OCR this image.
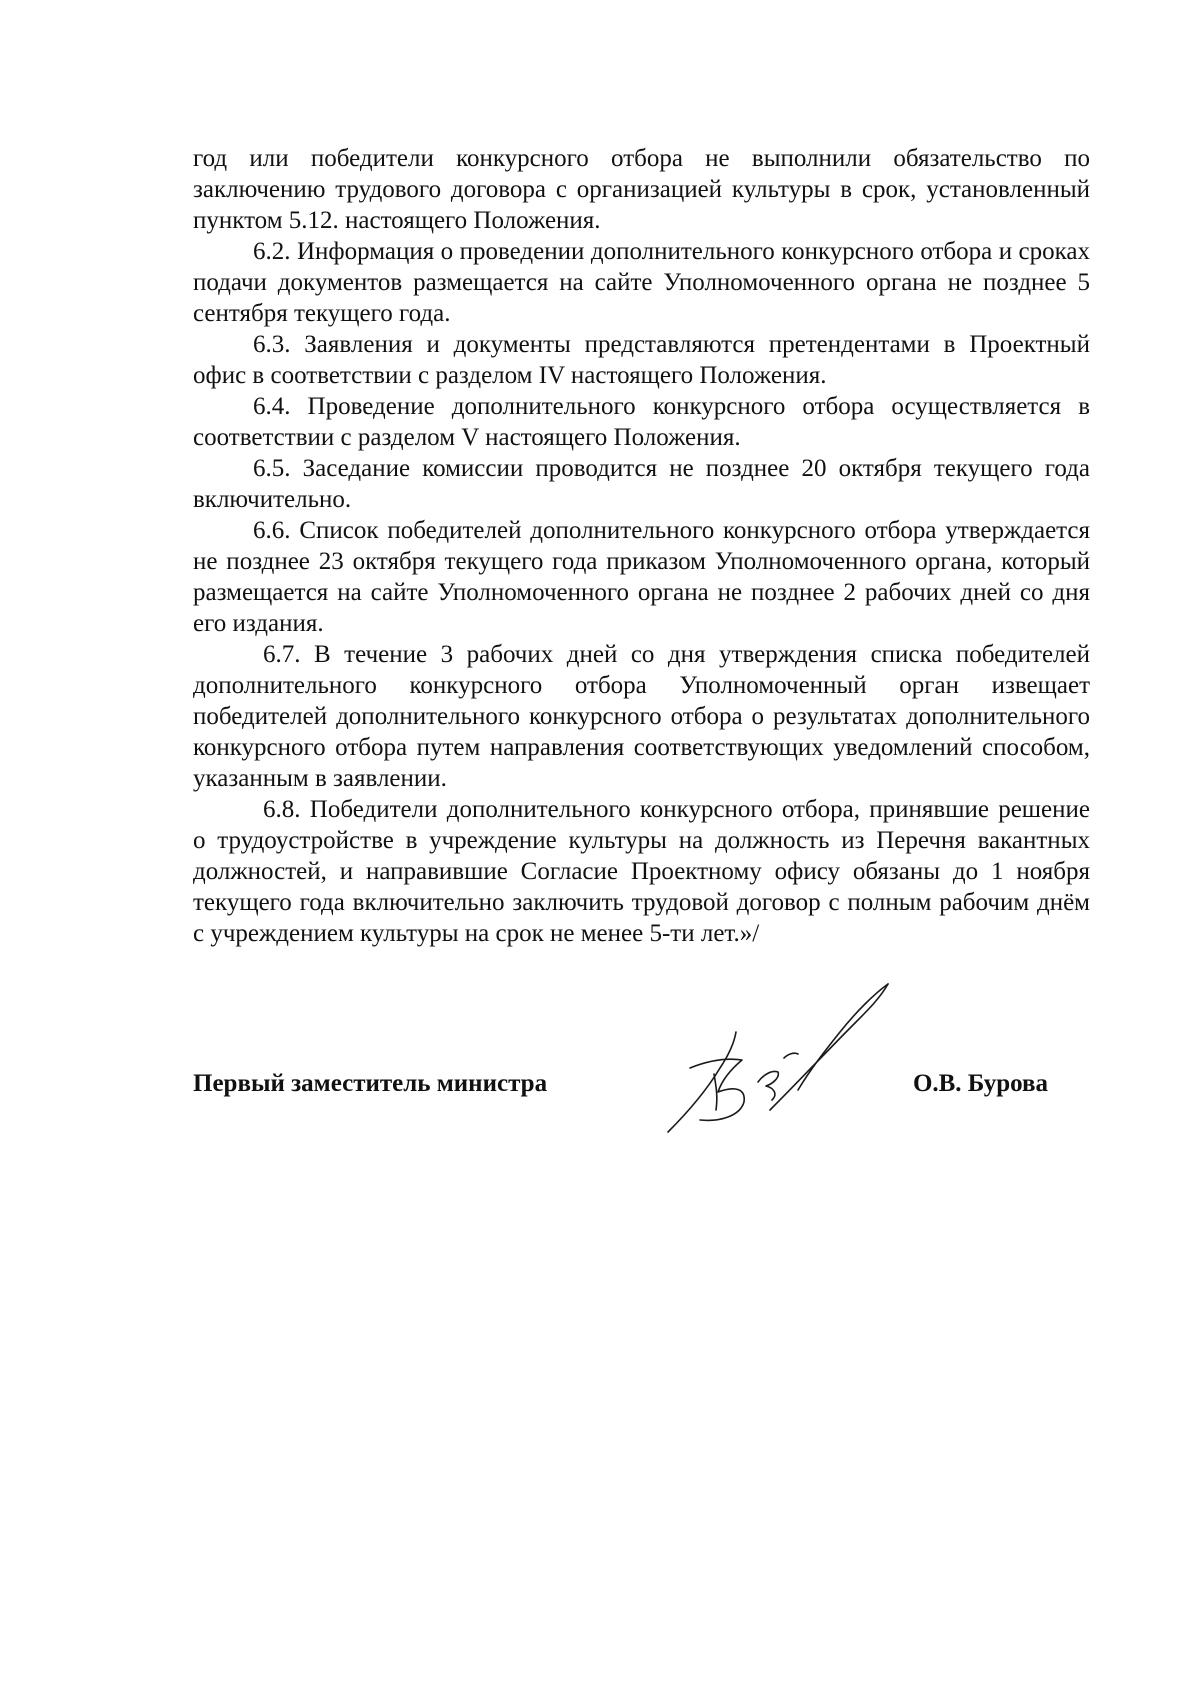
год или победители конкурсного отбора не выполнили обязательство по заключению трудового договора с организацией культуры в срок, установленный пунктом 5.12. настоящего Положения.

6.2. Информация о проведении дополнительного конкурсного отбора и сроках подачи документов размещается на сайте Уполномоченного органа не позднее 5 сентября текущего года.

6.3. Заявления и документы представляются претендентами в Проектный офис в соответствии с разделом IV настоящего Положения.

6.4. Проведение дополнительного конкурсного отбора осуществляется в соответствии с разделом V настоящего Положения.

6.5. Заседание комиссии проводится не позднее 20 октября текущего года включительно.

6.6. Список победителей дополнительного конкурсного отбора утверждается не позднее 23 октября текущего года приказом Уполномоченного органа, который размещается на сайте Уполномоченного органа не позднее 2 рабочих дней со дня его издания.

6.7. В течение 3 рабочих дней со дня утверждения списка победителей дополнительного конкурсного отбора Уполномоченный орган извещает победителей дополнительного конкурсного отбора о результатах дополнительного конкурсного отбора путем направления соответствующих уведомлений способом, указанным в заявлении.

6.8. Победители дополнительного конкурсного отбора, принявшие решение о трудоустройстве в учреждение культуры на должность из Перечня вакантных должностей, и направившие Согласие Проектному офису обязаны до 1 ноября текущего года включительно заключить трудовой договор с полным рабочим днём с учреждением культуры на срок не менее 5-ти лет.»/

Первый заместитель министра	О.В. Бурова
